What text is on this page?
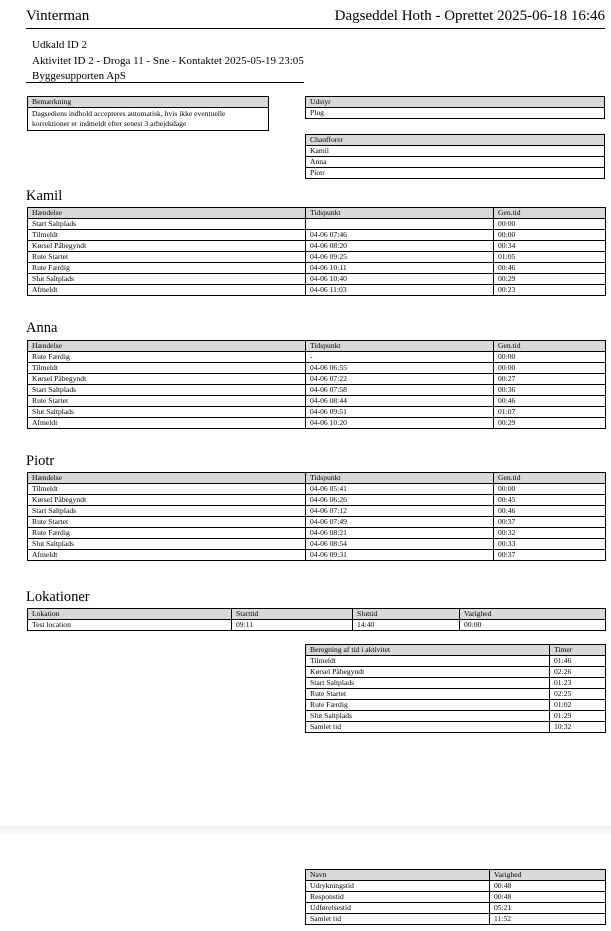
Vinterman	Dagseddel Hoth - Oprettet 2025-06-18 16:46
Udkald ID 2
Aktivitet ID 2 - Droga 11 - Sne - Kontaktet 2025-05-19 23:05
Byggesupporten ApS
Bemærkning
Dagsediens indhold accepteres automatisk, hvis ikke eventuelle korrektioner er indmeldt efter senest 3 arbejdsdage
Udstyr
Plug
Chaufforer
Kamil
Anna
Piotr
Kamil
Hændelse	Tidspunkt	Gen.tid
Start Saltplads		00:00
Tilmeldt	04-06 07:46	00:00
Kørsel Påbegyndt	04-06 08:20	00:34
Rute Startet	04-06 09:25	01:05
Rute Færdig	04-06 10:11	00:46
Slut Saltplads	04-06 10:40	00:29
Afmeldt	04-06 11:03	00:23
Anna
Hændelse	Tidspunkt	Gen.tid
Rute Færdig	-	00:00
Tilmeldt	04-06 06:55	00:00
Kørsel Påbegyndt	04-06 07:22	00:27
Start Saltplads	04-06 07:58	00:36
Rute Startet	04-06 08:44	00:46
Slut Saltplads	04-06 09:51	01:07
Afmeldt	04-06 10:20	00:29
Piotr
Hændelse	Tidspunkt	Gen.tid
Tilmeldt	04-06 05:41	00:00
Kørsel Påbegyndt	04-06 06:26	00:45
Start Saltplads	04-06 07:12	00:46
Rute Startet	04-06 07:49	00:37
Rute Færdig	04-06 08:21	00:32
Slut Saltplads	04-06 08:54	00:33
Afmeldt	04-06 09:31	00:37
Lokationer
Lokation	Starttid	Sluttid	Varighed
Test location	09:11	14:40	00:00
Beregning af tid i aktivitet	Timer
Tilmeldt	01:46
Kørsel Påbegyndt	02:26
Start Saltplads	01:23
Rute Startet	02:25
Rute Færdig	01:02
Slut Saltplads	01:29
Samlet tid	10:32
Navn	Varighed
Udrykningstid	00:48
Responstid	00:48
Udførelsestid	05:21
Samlet tid	11:52
